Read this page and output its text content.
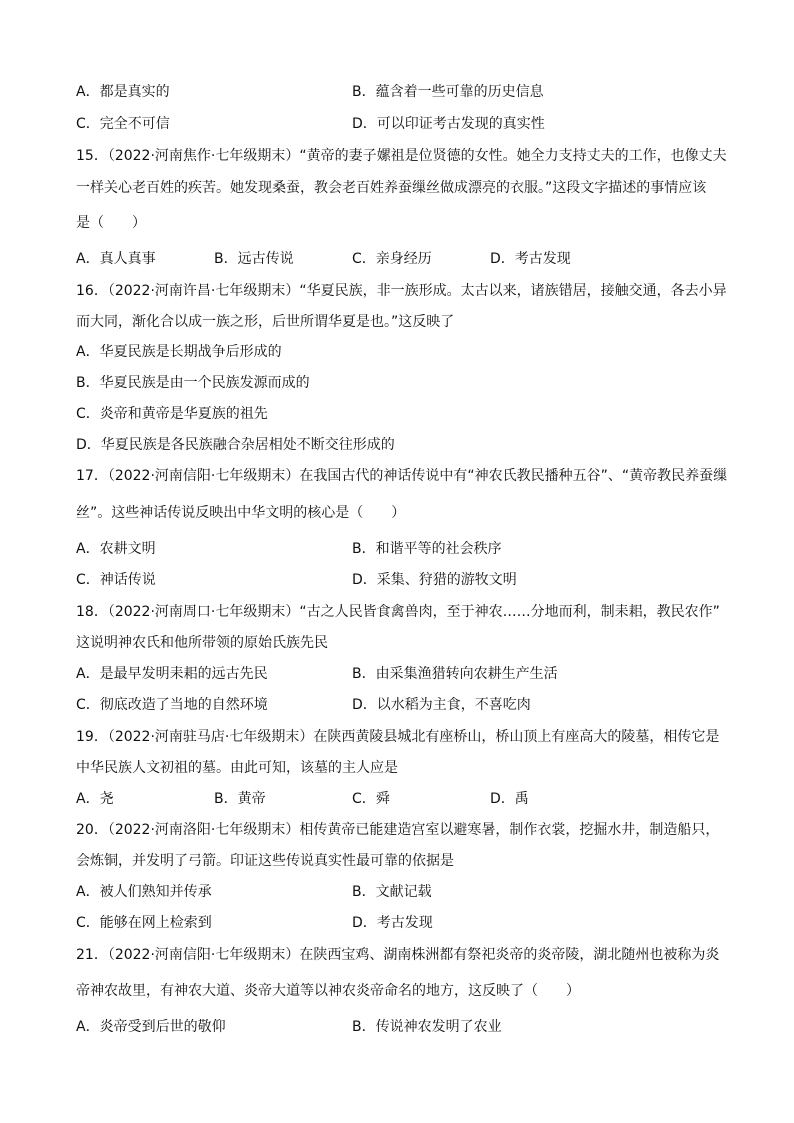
A．都是真实的	B．蕴含着一些可靠的历史信息
C．完全不可信	D．可以印证考古发现的真实性
15．（2022·河南焦作·七年级期末）“黄帝的妻子嫘祖是位贤德的女性。她全力支持丈夫的工作，也像丈夫
一样关心老百姓的疾苦。她发现桑蚕，教会老百姓养蚕缫丝做成漂亮的衣服。”这段文字描述的事情应该
是（　　）
A．真人真事	B．远古传说	C．亲身经历	D．考古发现
16．（2022·河南许昌·七年级期末）“华夏民族，非一族形成。太古以来，诸族错居，接触交通，各去小异
而大同，渐化合以成一族之形，后世所谓华夏是也。”这反映了
A．华夏民族是长期战争后形成的
B．华夏民族是由一个民族发源而成的
C．炎帝和黄帝是华夏族的祖先
D．华夏民族是各民族融合杂居相处不断交往形成的
17．（2022·河南信阳·七年级期末）在我国古代的神话传说中有“神农氏教民播种五谷”、“黄帝教民养蚕缫
丝”。这些神话传说反映出中华文明的核心是（　　）
A．农耕文明	B．和谐平等的社会秩序
C．神话传说	D．采集、狩猎的游牧文明
18．（2022·河南周口·七年级期末）“古之人民皆食禽兽肉，至于神农……分地而利，制耒耜，教民农作”
这说明神农氏和他所带领的原始氏族先民
A．是最早发明耒耜的远古先民	B．由采集渔猎转向农耕生产生活
C．彻底改造了当地的自然环境	D．以水稻为主食，不喜吃肉
19．（2022·河南驻马店·七年级期末）在陕西黄陵县城北有座桥山，桥山顶上有座高大的陵墓，相传它是
中华民族人文初祖的墓。由此可知，该墓的主人应是
A．尧	B．黄帝	C．舜	D．禹
20．（2022·河南洛阳·七年级期末）相传黄帝已能建造宫室以避寒暑，制作衣裳，挖掘水井，制造船只，
会炼铜，并发明了弓箭。印证这些传说真实性最可靠的依据是
A．被人们熟知并传承	B．文献记载
C．能够在网上检索到	D．考古发现
21．（2022·河南信阳·七年级期末）在陕西宝鸡、湖南株洲都有祭祀炎帝的炎帝陵，湖北随州也被称为炎
帝神农故里，有神农大道、炎帝大道等以神农炎帝命名的地方，这反映了（　　）
A．炎帝受到后世的敬仰	B．传说神农发明了农业
